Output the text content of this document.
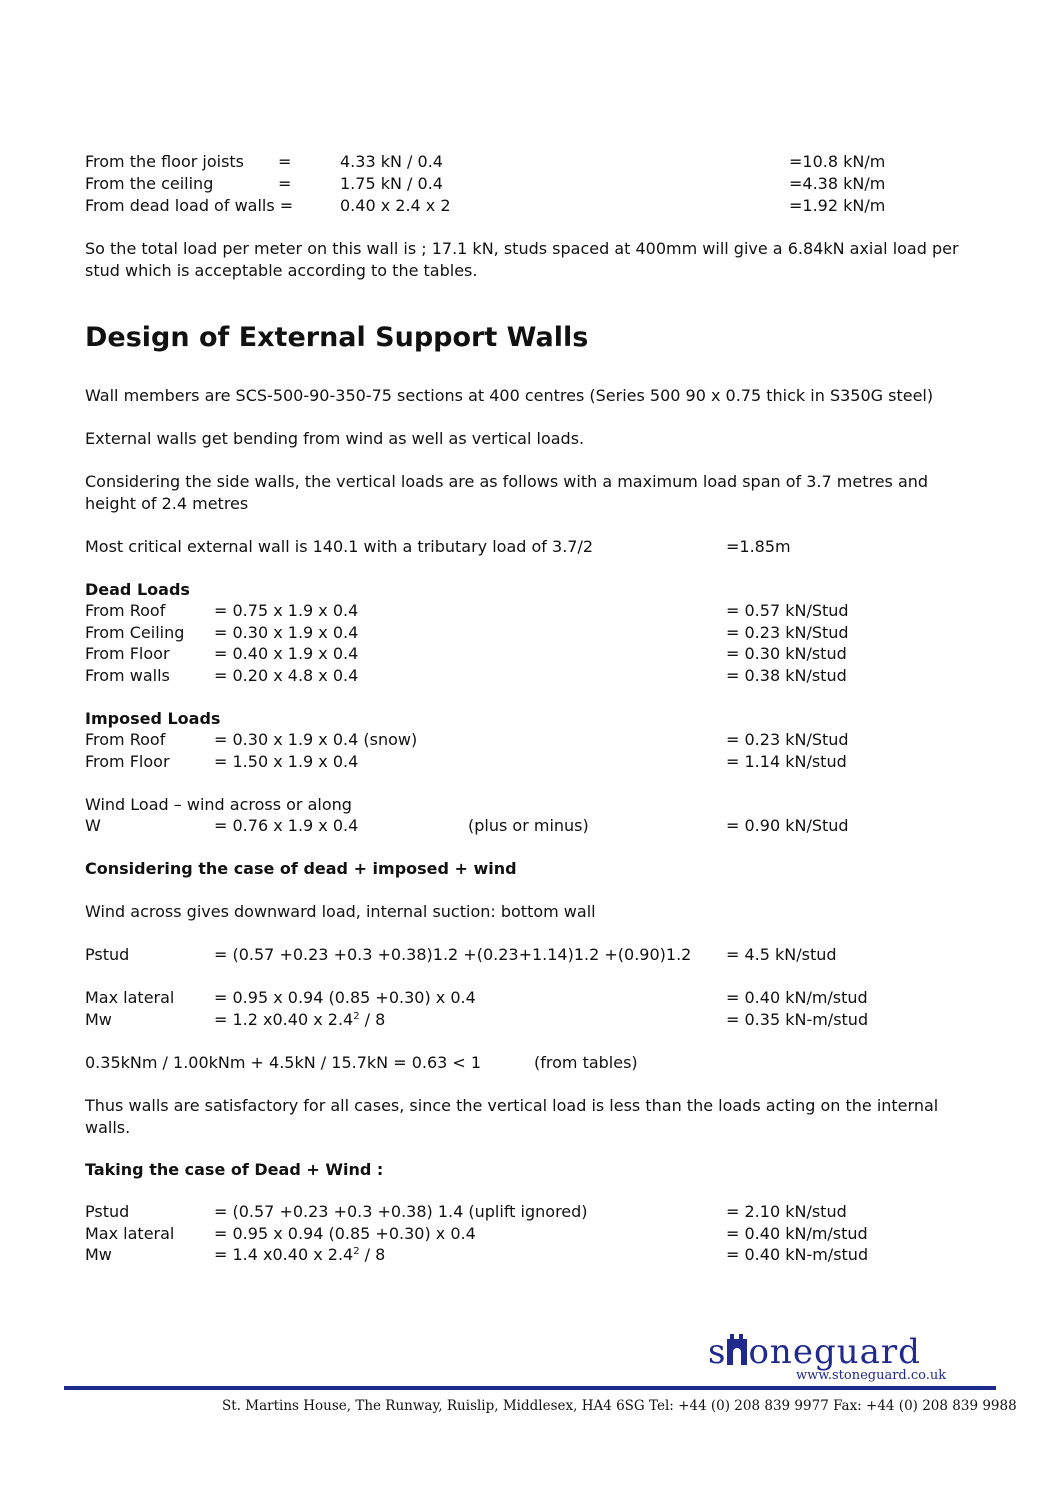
From the floor joists =	4.33 kN / 0.4	=10.8 kN/m
From the ceiling	=	1.75 kN / 0.4	=4.38 kN/m
From dead load of walls =	0.40 x 2.4 x 2	=1.92 kN/m
So the total load per meter on this wall is ; 17.1 kN, studs spaced at 400mm will give a 6.84kN axial load per stud which is acceptable according to the tables.
Design of External Support Walls
Wall members are SCS-500-90-350-75 sections at 400 centres (Series 500 90 x 0.75 thick in S350G steel)
External walls get bending from wind as well as vertical loads.
Considering the side walls, the vertical loads are as follows with a maximum load span of 3.7 metres and height of 2.4 metres
Most critical external wall is 140.1 with a tributary load of 3.7/2	=1.85m
Dead Loads
From Roof	= 0.75 x 1.9 x 0.4	= 0.57 kN/Stud
From Ceiling = 0.30 x 1.9 x 0.4	= 0.23 kN/Stud
From Floor	= 0.40 x 1.9 x 0.4	= 0.30 kN/stud
From walls	= 0.20 x 4.8 x 0.4	= 0.38 kN/stud
Imposed Loads
From Roof	= 0.30 x 1.9 x 0.4 (snow)	= 0.23 kN/Stud
From Floor	= 1.50 x 1.9 x 0.4	= 1.14 kN/stud
Wind Load – wind across or along
W	= 0.76 x 1.9 x 0.4	(plus or minus)	= 0.90 kN/Stud
Considering the case of dead + imposed + wind
Wind across gives downward load, internal suction: bottom wall
Pstud	= (0.57 +0.23 +0.3 +0.38)1.2 +(0.23+1.14)1.2 +(0.90)1.2 = 4.5 kN/stud
Max lateral = 0.95 x 0.94 (0.85 +0.30) x 0.4	= 0.40 kN/m/stud
Mw	= 1.2 x0.40 x $2.4^2 / 8$	= 0.35 kN-m/stud
0.35kNm / 1.00kNm + 4.5kN / 15.7kN = 0.63 < 1	(from tables)
Thus walls are satisfactory for all cases, since the vertical load is less than the loads acting on the internal walls.
Taking the case of Dead + Wind :
Pstud	= (0.57 +0.23 +0.3 +0.38) 1.4 (uplift ignored)	= 2.10 kN/stud
Max lateral = 0.95 x 0.94 (0.85 +0.30) x 0.4	= 0.40 kN/m/stud
Mw	= 1.4 x0.40 x $2.4^2 / 8$	= 0.40 kN-m/stud
s oneguard
www.stoneguard.co.uk
St. Martins House, The Runway, Ruislip, Middlesex, HA4 6SG Tel: +44 (0) 208 839 9977 Fax: +44 (0) 208 839 9988
